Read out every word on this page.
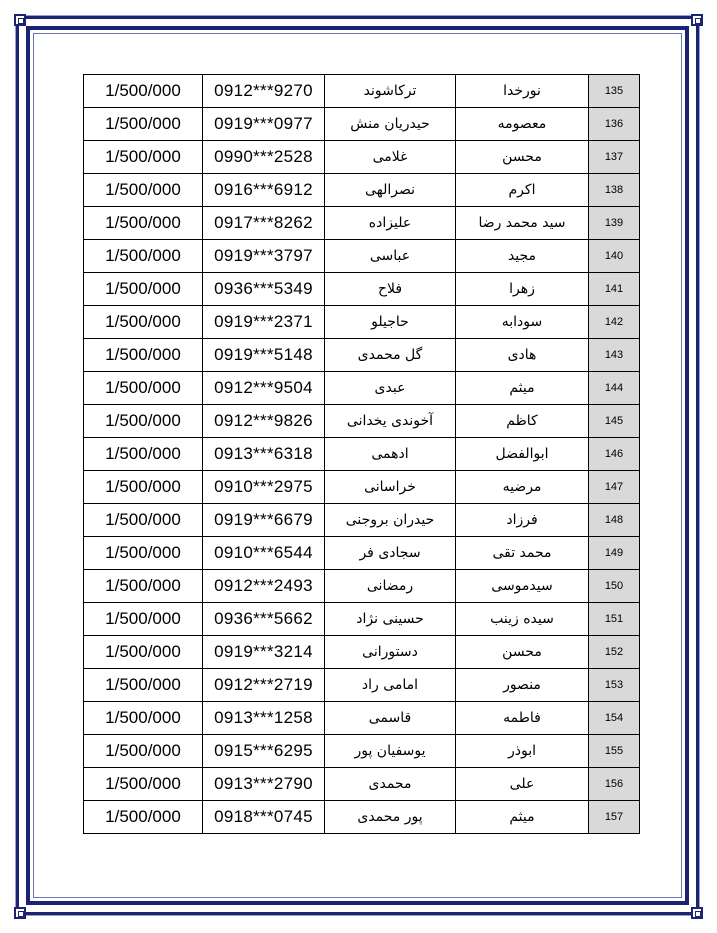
1/500/000	0912***9270	ترکاشوند	نورخدا	135
1/500/000	0919***0977	حیدریان منش	معصومه	136
1/500/000	0990***2528	غلامی	محسن	137
1/500/000	0916***6912	نصرالهی	اکرم	138
1/500/000	0917***8262	علیزاده	سید محمد رضا	139
1/500/000	0919***3797	عباسی	مجید	140
1/500/000	0936***5349	فلاح	زهرا	141
1/500/000	0919***2371	حاجیلو	سودابه	142
1/500/000	0919***5148	گل محمدی	هادی	143
1/500/000	0912***9504	عبدی	میثم	144
1/500/000	0912***9826	آخوندی یخدانی	کاظم	145
1/500/000	0913***6318	ادهمی	ابوالفضل	146
1/500/000	0910***2975	خراسانی	مرضیه	147
1/500/000	0919***6679	حیدران بروجنی	فرزاد	148
1/500/000	0910***6544	سجادی فر	محمد تقی	149
1/500/000	0912***2493	رمضانی	سیدموسی	150
1/500/000	0936***5662	حسینی نژاد	سیده زینب	151
1/500/000	0919***3214	دستورانی	محسن	152
1/500/000	0912***2719	امامی راد	منصور	153
1/500/000	0913***1258	قاسمی	فاطمه	154
1/500/000	0915***6295	یوسفیان پور	ابوذر	155
1/500/000	0913***2790	محمدی	علی	156
1/500/000	0918***0745	پور محمدی	میثم	157
